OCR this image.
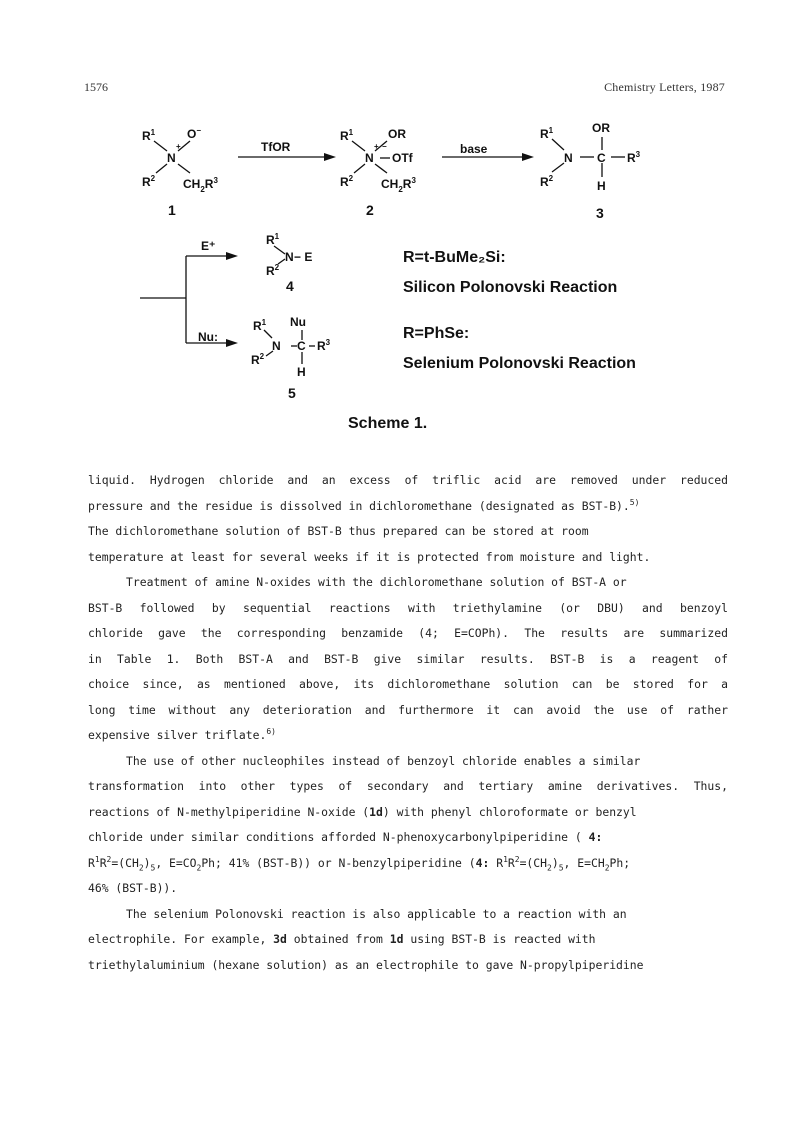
1576	Chemistry Letters, 1987
TfOR	base
E⁺
Nu:
$R^1$	O−
+
N
$R^2$ $CH_2R^3$
1
$R^1$	OR
+ −
N OTf
$R^2$ $CH_2R^3$
2
$R^1$	OR
N C $R^3$
$R^2$
H
3
$R^1$
N − E
$R^2$
4
$R^1$ Nu
N C $R^3$
$R^2$
H
5
R=t-BuMe₂Si:
Silicon Polonovski Reaction
R=PhSe:
Selenium Polonovski Reaction
Scheme 1.

liquid. Hydrogen chloride and an excess of triflic acid are removed under reduced

pressure and the residue is dissolved in dichloromethane (designated as BST-B).$^{5)}$

The dichloromethane solution of BST-B thus prepared can be stored at room

temperature at least for several weeks if it is protected from moisture and light.

Treatment of amine N-oxides with the dichloromethane solution of BST-A or

BST-B followed by sequential reactions with triethylamine (or DBU) and benzoyl

chloride gave the corresponding benzamide (4; E=COPh). The results are summarized

in Table 1. Both BST-A and BST-B give similar results. BST-B is a reagent of

choice since, as mentioned above, its dichloromethane solution can be stored for a

long time without any deterioration and furthermore it can avoid the use of rather

expensive silver triflate.$^{6)}$

The use of other nucleophiles instead of benzoyl chloride enables a similar

transformation into other types of secondary and tertiary amine derivatives. Thus,

reactions of N-methylpiperidine N-oxide (1d) with phenyl chloroformate or benzyl

chloride under similar conditions afforded N-phenoxycarbonylpiperidine ( 4:

$R^1R^2=(CH_2)_5$, $E=CO_2Ph$; 41% (BST-B)) or N-benzylpiperidine (4: $R^1R^2=(CH_2)_5$, $E=CH_2Ph$;

46% (BST-B)).

The selenium Polonovski reaction is also applicable to a reaction with an

electrophile. For example, 3d obtained from 1d using BST-B is reacted with

triethylaluminium (hexane solution) as an electrophile to gave N-propylpiperidine
